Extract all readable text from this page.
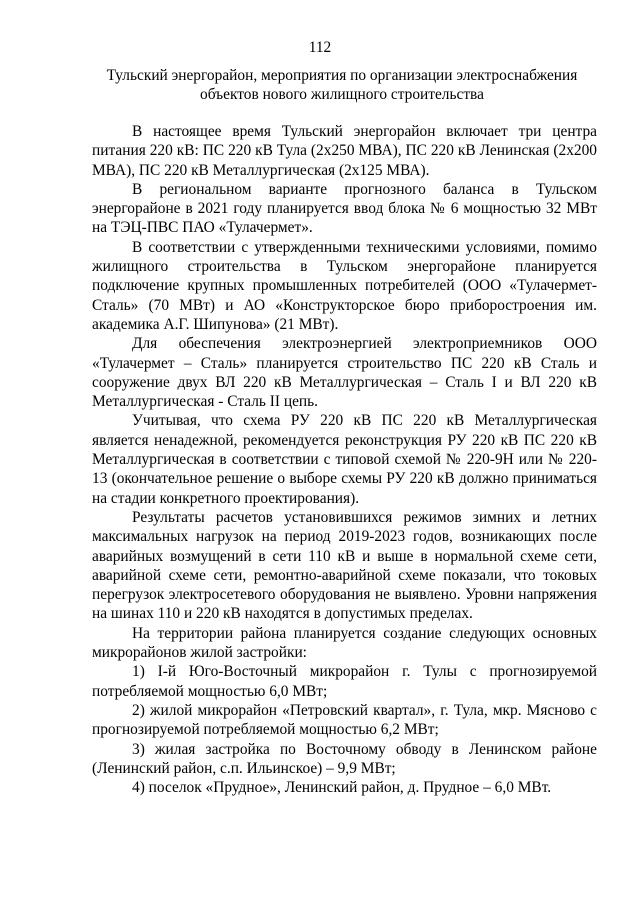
112
Тульский энергорайон, мероприятия по организации электроснабжения объектов нового жилищного строительства

В настоящее время Тульский энергорайон включает три центра питания 220 кВ: ПС 220 кВ Тула (2х250 МВА), ПС 220 кВ Ленинская (2х200 МВА), ПС 220 кВ Металлургическая (2х125 МВА).

В региональном варианте прогнозного баланса в Тульском энергорайоне в 2021 году планируется ввод блока № 6 мощностью 32 МВт на ТЭЦ-ПВС ПАО «Тулачермет».

В соответствии с утвержденными техническими условиями, помимо жилищного строительства в Тульском энергорайоне планируется подключение крупных промышленных потребителей (ООО «Тулачермет-Сталь» (70 МВт) и АО «Конструкторское бюро приборостроения им. академика А.Г. Шипунова» (21 МВт).

Для обеспечения электроэнергией электроприемников ООО «Тулачермет – Сталь» планируется строительство ПС 220 кВ Сталь и сооружение двух ВЛ 220 кВ Металлургическая – Сталь I и ВЛ 220 кВ Металлургическая - Сталь II цепь.

Учитывая, что схема РУ 220 кВ ПС 220 кВ Металлургическая является ненадежной, рекомендуется реконструкция РУ 220 кВ ПС 220 кВ Металлургическая в соответствии с типовой схемой № 220-9Н или № 220-13 (окончательное решение о выборе схемы РУ 220 кВ должно приниматься на стадии конкретного проектирования).

Результаты расчетов установившихся режимов зимних и летних максимальных нагрузок на период 2019-2023 годов, возникающих после аварийных возмущений в сети 110 кВ и выше в нормальной схеме сети, аварийной схеме сети, ремонтно-аварийной схеме показали, что токовых перегрузок электросетевого оборудования не выявлено. Уровни напряжения на шинах 110 и 220 кВ находятся в допустимых пределах.

На территории района планируется создание следующих основных микрорайонов жилой застройки:

1) I-й Юго-Восточный микрорайон г. Тулы с прогнозируемой потребляемой мощностью 6,0 МВт;

2) жилой микрорайон «Петровский квартал», г. Тула, мкр. Мясново с прогнозируемой потребляемой мощностью 6,2 МВт;

3) жилая застройка по Восточному обводу в Ленинском районе (Ленинский район, с.п. Ильинское) – 9,9 МВт;

4) поселок «Прудное», Ленинский район, д. Прудное – 6,0 МВт.
